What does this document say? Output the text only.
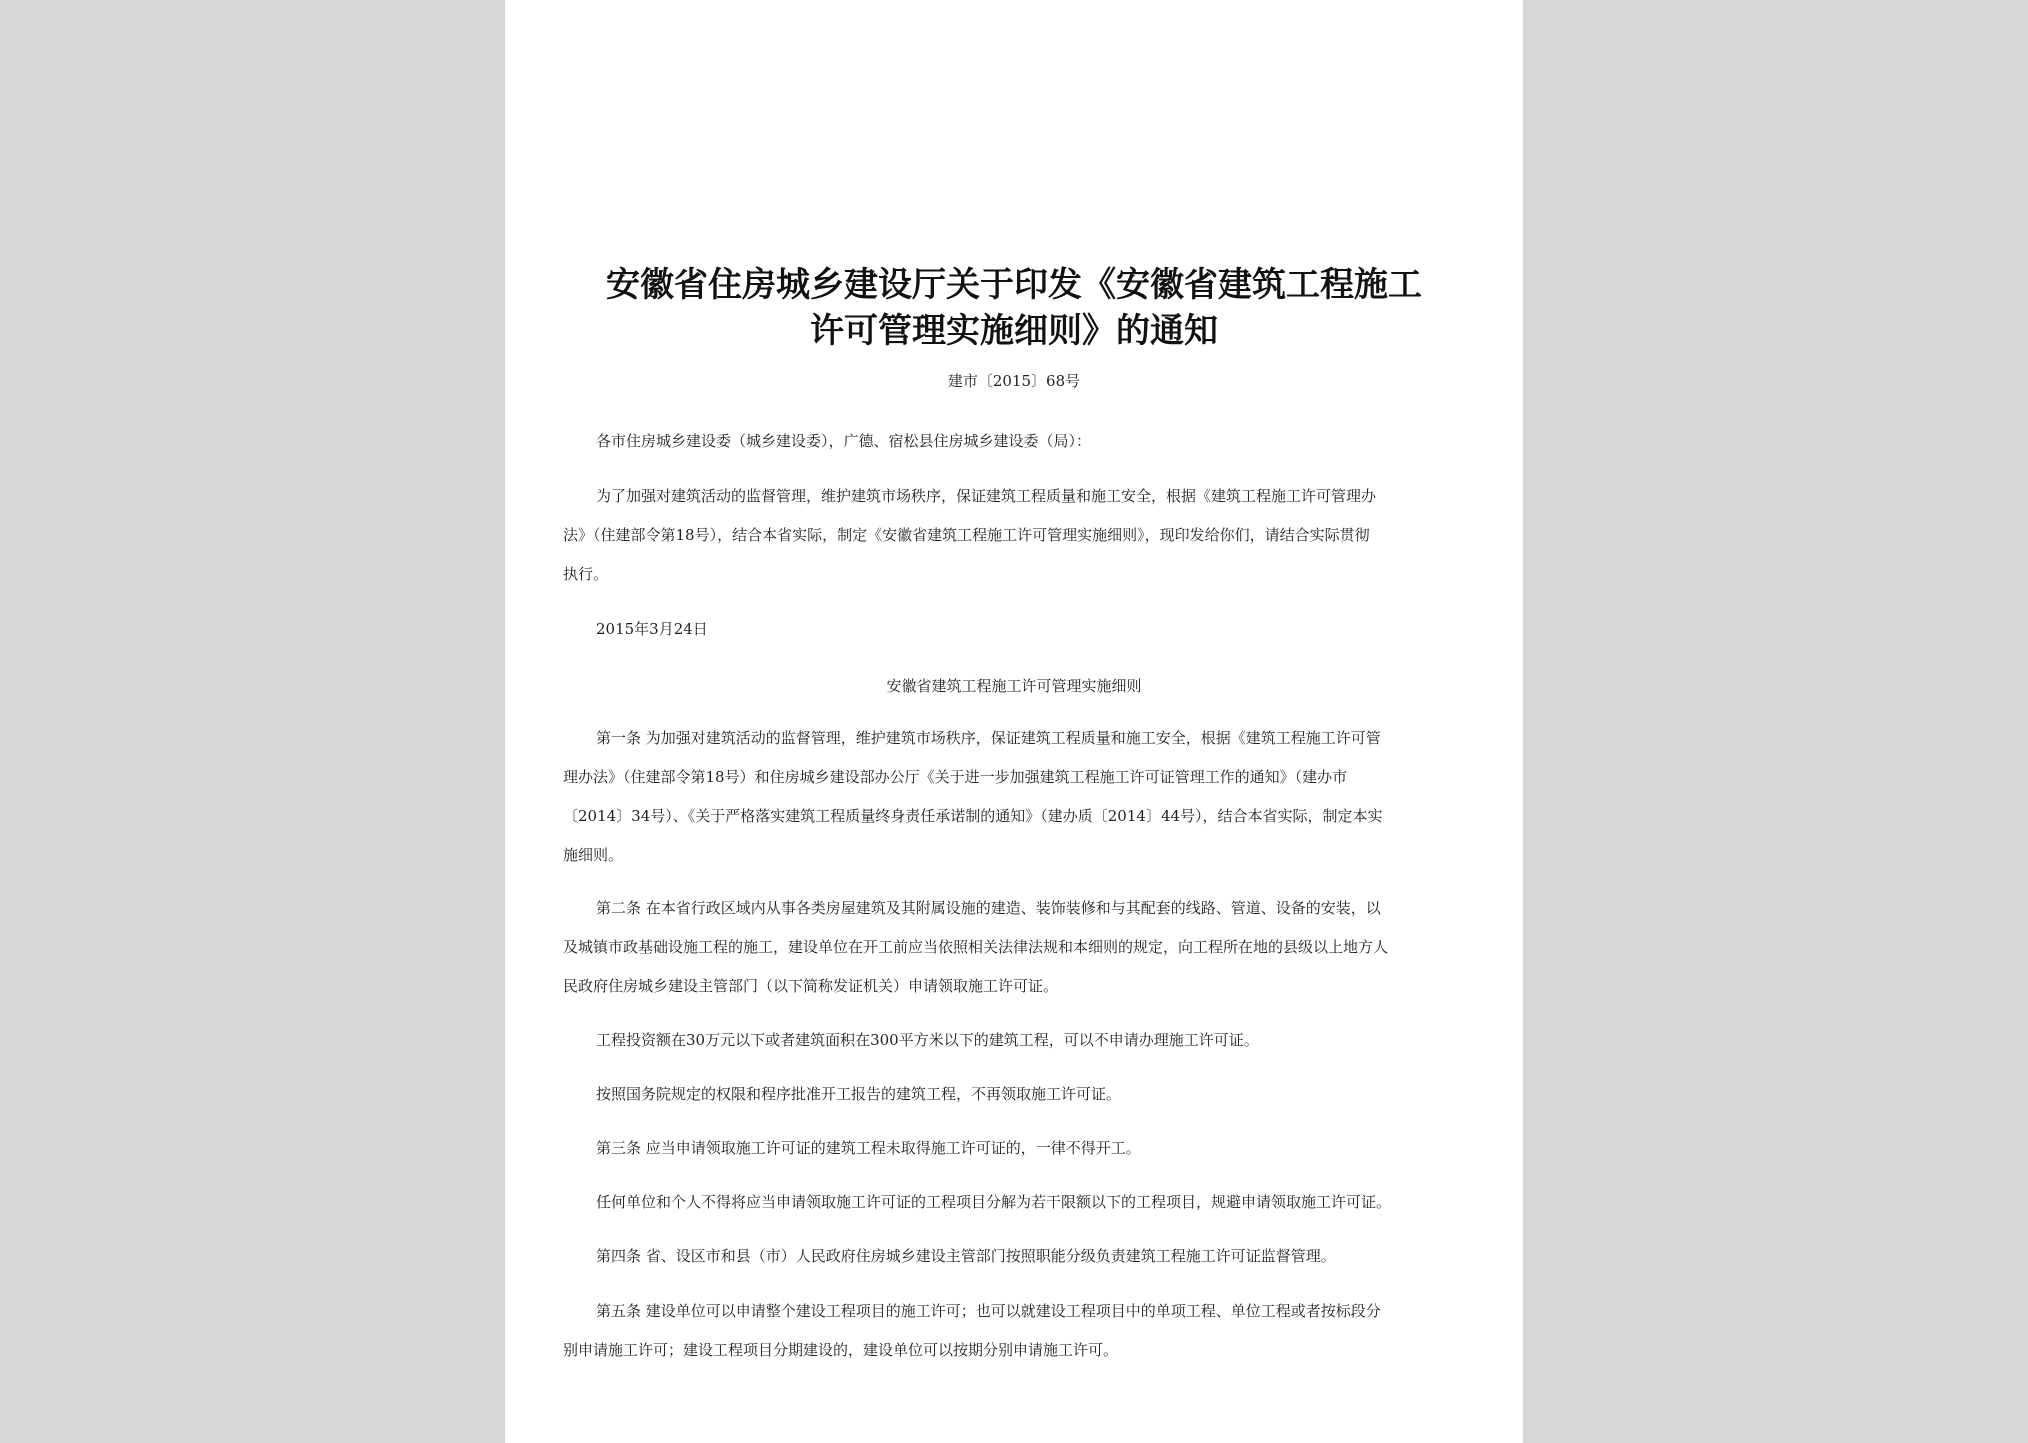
安徽省住房城乡建设厅关于印发《安徽省建筑工程施工
许可管理实施细则》的通知
建市〔2015〕68号
各市住房城乡建设委（城乡建设委），广德、宿松县住房城乡建设委（局）：
为了加强对建筑活动的监督管理，维护建筑市场秩序，保证建筑工程质量和施工安全，根据《建筑工程施工许可管理办
法》（住建部令第18号），结合本省实际，制定《安徽省建筑工程施工许可管理实施细则》，现印发给你们，请结合实际贯彻
执行。
2015年3月24日
安徽省建筑工程施工许可管理实施细则
第一条 为加强对建筑活动的监督管理，维护建筑市场秩序，保证建筑工程质量和施工安全，根据《建筑工程施工许可管
理办法》（住建部令第18号）和住房城乡建设部办公厅《关于进一步加强建筑工程施工许可证管理工作的通知》（建办市
〔2014〕34号）、《关于严格落实建筑工程质量终身责任承诺制的通知》（建办质〔2014〕44号），结合本省实际，制定本实
施细则。
第二条 在本省行政区域内从事各类房屋建筑及其附属设施的建造、装饰装修和与其配套的线路、管道、设备的安装，以
及城镇市政基础设施工程的施工，建设单位在开工前应当依照相关法律法规和本细则的规定，向工程所在地的县级以上地方人
民政府住房城乡建设主管部门（以下简称发证机关）申请领取施工许可证。
工程投资额在30万元以下或者建筑面积在300平方米以下的建筑工程，可以不申请办理施工许可证。
按照国务院规定的权限和程序批准开工报告的建筑工程，不再领取施工许可证。
第三条 应当申请领取施工许可证的建筑工程未取得施工许可证的，一律不得开工。
任何单位和个人不得将应当申请领取施工许可证的工程项目分解为若干限额以下的工程项目，规避申请领取施工许可证。
第四条 省、设区市和县（市）人民政府住房城乡建设主管部门按照职能分级负责建筑工程施工许可证监督管理。
第五条 建设单位可以申请整个建设工程项目的施工许可；也可以就建设工程项目中的单项工程、单位工程或者按标段分
别申请施工许可；建设工程项目分期建设的，建设单位可以按期分别申请施工许可。
